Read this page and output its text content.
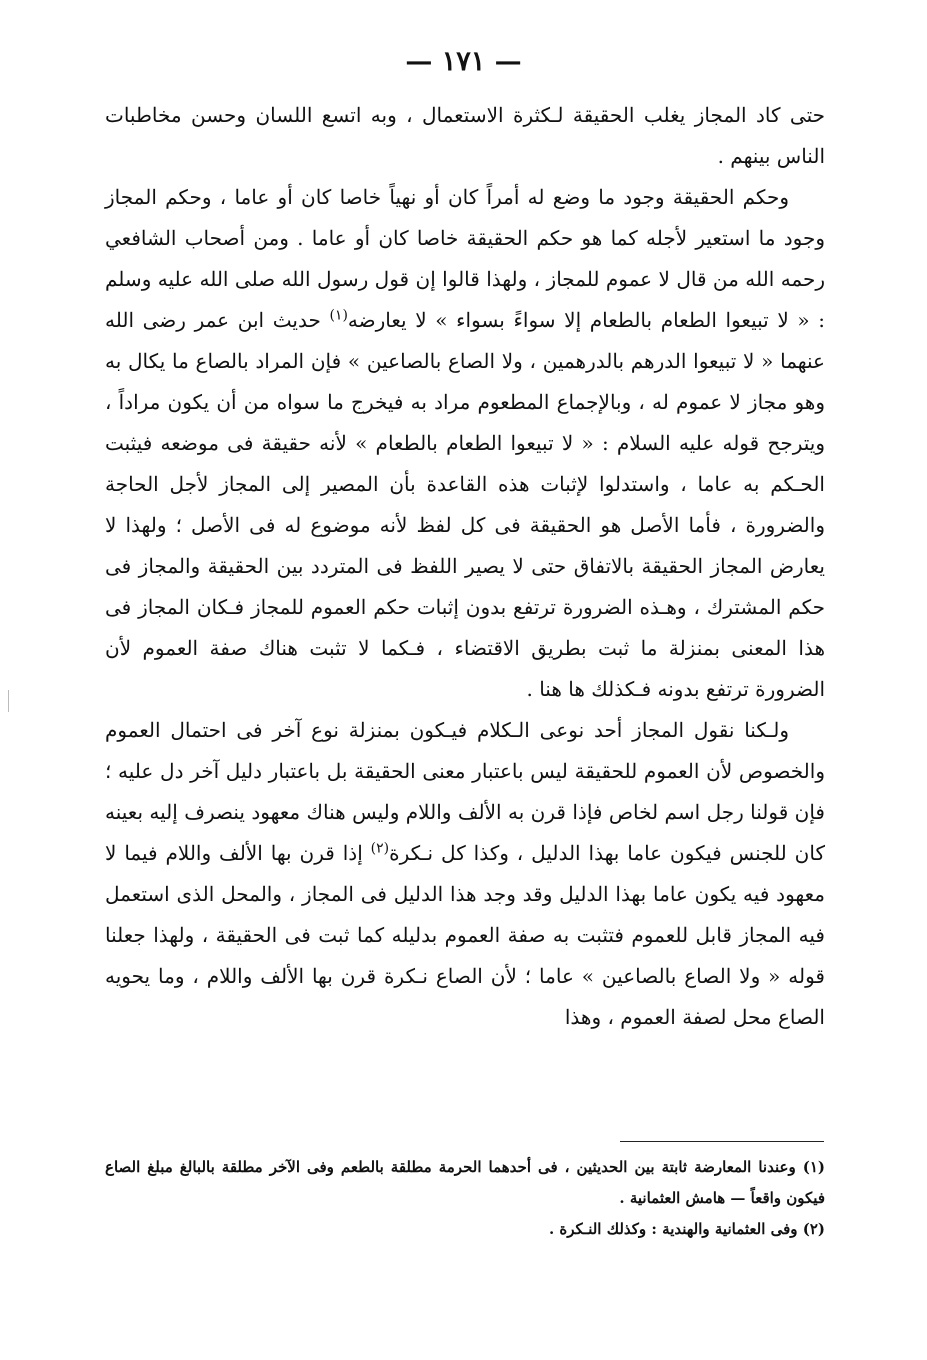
— ١٧١ —

حتى كاد المجاز يغلب الحقيقة لـكثرة الاستعمال ، وبه اتسع اللسان وحسن مخاطبات الناس بينهم .

وحكم الحقيقة وجود ما وضع له أمراً كان أو نهياً خاصا كان أو عاما ، وحكم المجاز وجود ما استعير لأجله كما هو حكم الحقيقة خاصا كان أو عاما . ومن أصحاب الشافعي رحمه الله من قال لا عموم للمجاز ، ولهذا قالوا إن قول رسول الله صلى الله عليه وسلم : « لا تبيعوا الطعام بالطعام إلا سواءً بسواء » لا يعارضه$^{(١)}$ حديث ابن عمر رضى الله عنهما « لا تبيعوا الدرهم بالدرهمين ، ولا الصاع بالصاعين » فإن المراد بالصاع ما يكال به وهو مجاز لا عموم له ، وبالإجماع المطعوم مراد به فيخرج ما سواه من أن يكون مراداً ، ويترجح قوله عليه السلام : « لا تبيعوا الطعام بالطعام » لأنه حقيقة فى موضعه فيثبت الحـكم به عاما ، واستدلوا لإثبات هذه القاعدة بأن المصير إلى المجاز لأجل الحاجة والضرورة ، فأما الأصل هو الحقيقة فى كل لفظ لأنه موضوع له فى الأصل ؛ ولهذا لا يعارض المجاز الحقيقة بالاتفاق حتى لا يصير اللفظ فى المتردد بين الحقيقة والمجاز فى حكم المشترك ، وهـذه الضرورة ترتفع بدون إثبات حكم العموم للمجاز فـكان المجاز فى هذا المعنى بمنزلة ما ثبت بطريق الاقتضاء ، فـكما لا تثبت هناك صفة العموم لأن الضرورة ترتفع بدونه فـكذلك ها هنا .

ولـكنا نقول المجاز أحد نوعى الـكلام فيـكون بمنزلة نوع آخر فى احتمال العموم والخصوص لأن العموم للحقيقة ليس باعتبار معنى الحقيقة بل باعتبار دليل آخر دل عليه ؛ فإن قولنا رجل اسم لخاص فإذا قرن به الألف واللام وليس هناك معهود ينصرف إليه بعينه كان للجنس فيكون عاما بهذا الدليل ، وكذا كل نـكرة$^{(٢)}$ إذا قرن بها الألف واللام فيما لا معهود فيه يكون عاما بهذا الدليل وقد وجد هذا الدليل فى المجاز ، والمحل الذى استعمل فيه المجاز قابل للعموم فتثبت به صفة العموم بدليله كما ثبت فى الحقيقة ، ولهذا جعلنا قوله « ولا الصاع بالصاعين » عاما ؛ لأن الصاع نـكرة قرن بها الألف واللام ، وما يحويه الصاع محل لصفة العموم ، وهذا

(١) وعندنا المعارضة ثابتة بين الحديثين ، فى أحدهما الحرمة مطلقة بالطعم وفى الآخر مطلقة بالبالغ مبلغ الصاع فيكون واقعاً — هامش العثمانية .

(٢) وفى العثمانية والهندية : وكذلك النـكرة .
